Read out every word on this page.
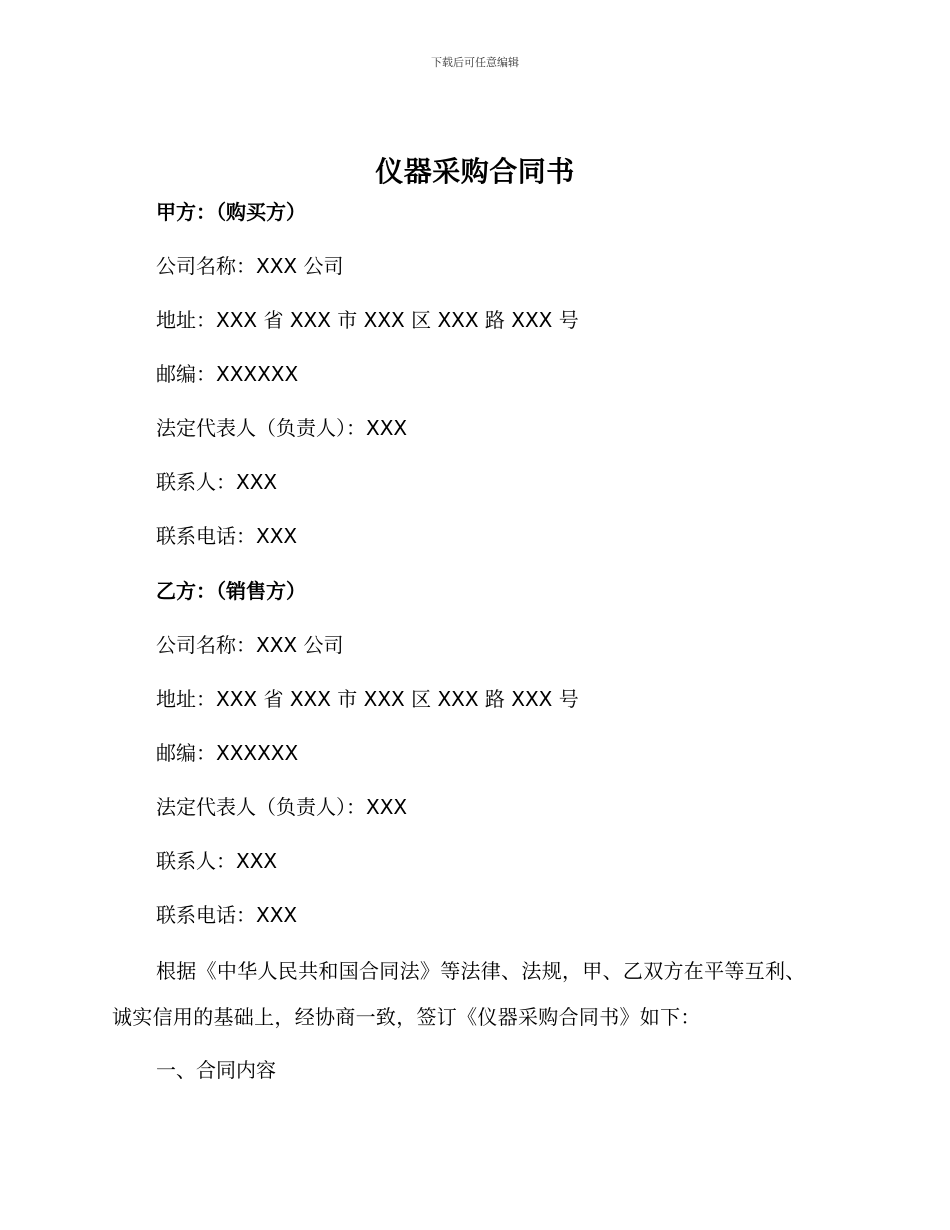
下载后可任意编辑
仪器采购合同书
甲方：（购买方）
公司名称：XXX 公司
地址：XXX 省 XXX 市 XXX 区 XXX 路 XXX 号
邮编：XXXXXX
法定代表人（负责人）：XXX
联系人：XXX
联系电话：XXX
乙方：（销售方）
公司名称：XXX 公司
地址：XXX 省 XXX 市 XXX 区 XXX 路 XXX 号
邮编：XXXXXX
法定代表人（负责人）：XXX
联系人：XXX
联系电话：XXX
根据《中华人民共和国合同法》等法律、法规，甲、乙双方在平等互利、诚实信用的基础上，经协商一致，签订《仪器采购合同书》如下：
一、合同内容
